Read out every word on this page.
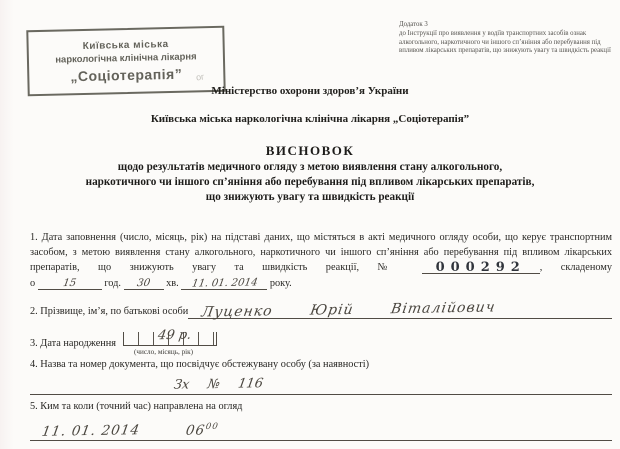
Київська міська
наркологічна клінічна лікарня
„Соціотерапія”	ог
Додаток 3
до Інструкції про виявлення у водіїв транспортних засобів ознак алкогольного, наркотичного чи іншого сп’яніння або перебування під впливом лікарських препаратів, що знижують увагу та швидкість реакції
Міністерство охорони здоров’я України
Київська міська наркологічна клінічна лікарня „Соціотерапія”
ВИСНОВОК
щодо результатів медичного огляду з метою виявлення стану алкогольного,
наркотичного чи іншого сп’яніння або перебування під впливом лікарських препаратів,
що знижують увагу та швидкість реакції
1. Дата заповнення (число, місяць, рік) на підставі даних, що містяться в акті медичного огляду особи, що керує транспортним засобом, з метою виявлення стану алкогольного, наркотичного чи іншого сп’яніння або перебування під впливом лікарських препаратів, що знижують увагу та швидкість реакції, № 000292 , складеному о	15	год. 30 хв. 11. 01. 2014 року.
2. Прізвище, ім’я, по батькові особи Луценко Юрій Віталійович
3. Дата народження
49 р.
(число, місяць, рік)
4. Назва та номер документа, що посвідчує обстежувану особу (за наявності)
Зх № 116
5. Ким та коли (точний час) направлена на огляд
11. 01. 2014	$06^{00}$
